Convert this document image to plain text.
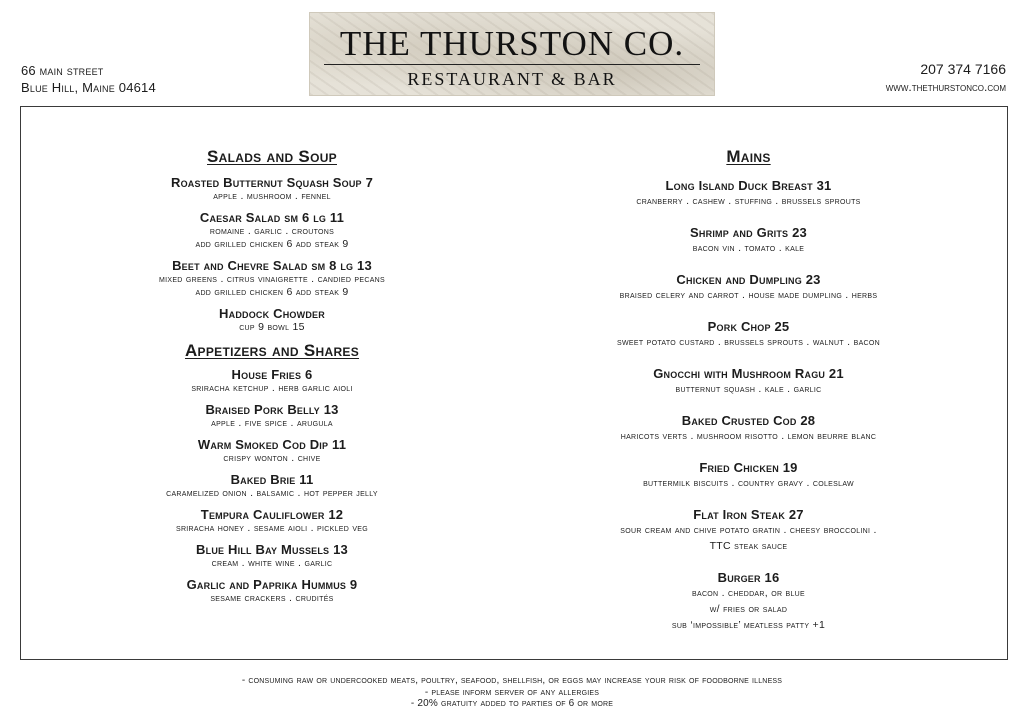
66 main street
Blue Hill, Maine 04614
THE THURSTON CO.
RESTAURANT & BAR	207 374 7166
www.thethurstonco.com
Salads and Soup
Roasted Butternut Squash Soup 7
apple . mushroom . fennel
Caesar Salad sm 6 lg 11
romaine . garlic . croutons
add grilled chicken 6 add steak 9
Beet and Chevre Salad sm 8 lg 13
mixed greens . citrus vinaigrette . candied pecans
add grilled chicken 6 add steak 9
Haddock Chowder
cup 9 bowl 15
Appetizers and Shares
House Fries 6
sriracha ketchup . herb garlic aioli
Braised Pork Belly 13
apple . five spice . arugula
Warm Smoked Cod Dip 11
crispy wonton . chive
Baked Brie 11
caramelized onion . balsamic . hot pepper jelly
Tempura Cauliflower 12
sriracha honey . sesame aioli . pickled veg
Blue Hill Bay Mussels 13
cream . white wine . garlic
Garlic and Paprika Hummus 9
sesame crackers . crudités
Mains
Long Island Duck Breast 31
cranberry . cashew . stuffing . brussels sprouts
Shrimp and Grits 23
bacon vin . tomato . kale
Chicken and Dumpling 23
braised celery and carrot . house made dumpling . herbs
Pork Chop 25
sweet potato custard . brussels sprouts . walnut . bacon
Gnocchi with Mushroom Ragu 21
butternut squash . kale . garlic
Baked Crusted Cod 28
haricots verts . mushroom risotto . lemon beurre blanc
Fried Chicken 19
buttermilk biscuits . country gravy . coleslaw
Flat Iron Steak 27
sour cream and chive potato gratin . cheesy broccolini .
TTC steak sauce
Burger 16
bacon . cheddar, or blue
w/ fries or salad
sub ‘impossible’ meatless patty +1
- consuming raw or undercooked meats, poultry, seafood, shellfish, or eggs may increase your risk of foodborne illness
- please inform server of any allergies
- 20% gratuity added to parties of 6 or more
